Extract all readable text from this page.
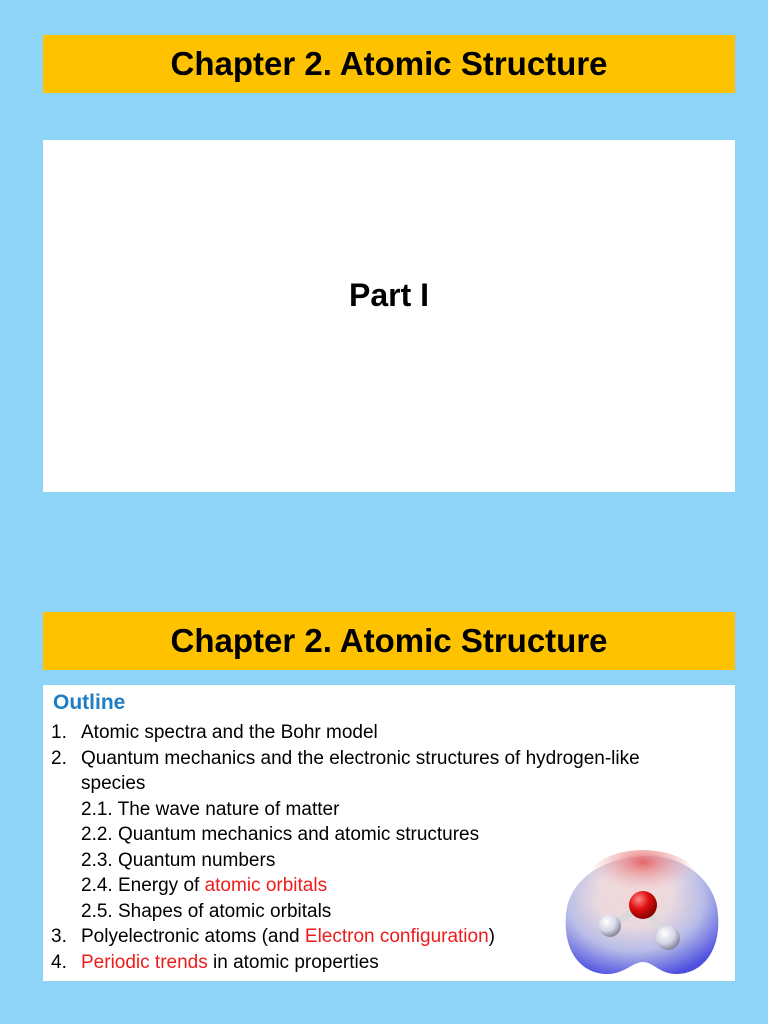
Chapter 2. Atomic Structure
Part I
Chapter 2. Atomic Structure
Outline
1. Atomic spectra and the Bohr model
2. Quantum mechanics and the electronic structures of hydrogen-like
species
2.1. The wave nature of matter
2.2. Quantum mechanics and atomic structures
2.3. Quantum numbers
2.4. Energy of atomic orbitals
2.5. Shapes of atomic orbitals
3. Polyelectronic atoms (and Electron configuration)
4. Periodic trends in atomic properties
